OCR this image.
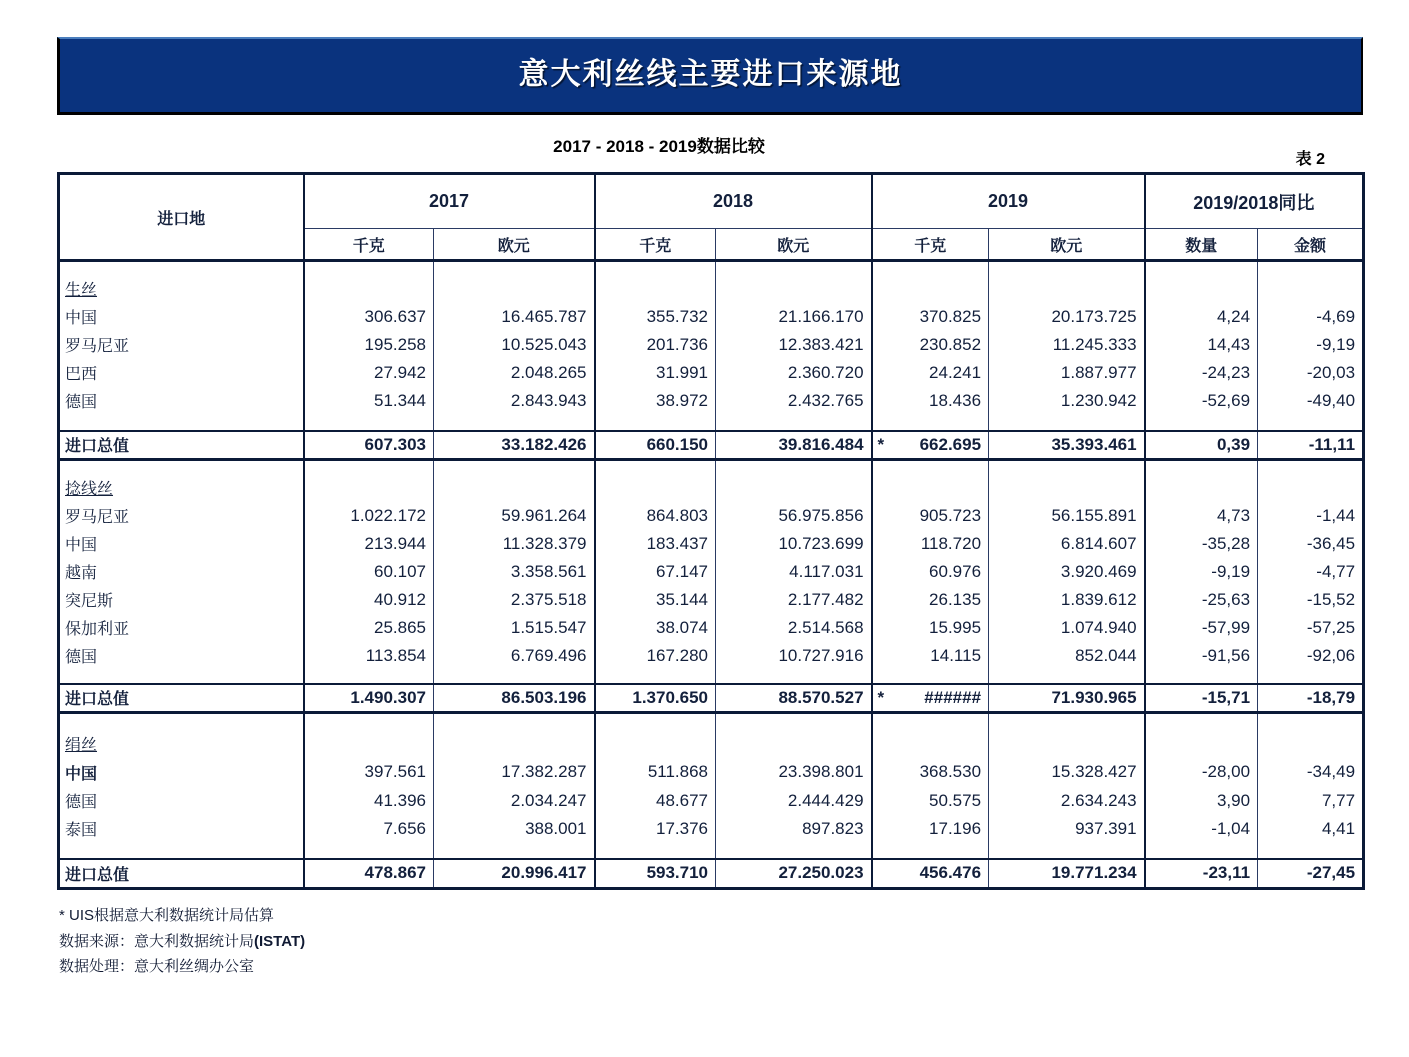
意大利丝线主要进口来源地
2017 - 2018 - 2019数据比较
表 2
进口地	2017		2018		2019		2019/2018同比	
	千克	欧元	千克	欧元	千克	欧元	数量	金额

生丝								
中国	306.637	16.465.787	355.732	21.166.170	370.825	20.173.725	4,24	-4,69
罗马尼亚	195.258	10.525.043	201.736	12.383.421	230.852	11.245.333	14,43	-9,19
巴西	27.942	2.048.265	31.991	2.360.720	24.241	1.887.977	-24,23	-20,03
德国	51.344	2.843.943	38.972	2.432.765	18.436	1.230.942	-52,69	-49,40

进口总值	607.303	33.182.426	660.150	39.816.484	* 662.695	35.393.461	0,39	-11,11

捻线丝								
罗马尼亚	1.022.172	59.961.264	864.803	56.975.856	905.723	56.155.891	4,73	-1,44
中国	213.944	11.328.379	183.437	10.723.699	118.720	6.814.607	-35,28	-36,45
越南	60.107	3.358.561	67.147	4.117.031	60.976	3.920.469	-9,19	-4,77
突尼斯	40.912	2.375.518	35.144	2.177.482	26.135	1.839.612	-25,63	-15,52
保加利亚	25.865	1.515.547	38.074	2.514.568	15.995	1.074.940	-57,99	-57,25
德国	113.854	6.769.496	167.280	10.727.916	14.115	852.044	-91,56	-92,06

进口总值	1.490.307	86.503.196	1.370.650	88.570.527	* ######	71.930.965	-15,71	-18,79

绢丝								
中国	397.561	17.382.287	511.868	23.398.801	368.530	15.328.427	-28,00	-34,49
德国	41.396	2.034.247	48.677	2.444.429	50.575	2.634.243	3,90	7,77
泰国	7.656	388.001	17.376	897.823	17.196	937.391	-1,04	4,41

进口总值	478.867	20.996.417	593.710	27.250.023	456.476	19.771.234	-23,11	-27,45

* UIS根据意大利数据统计局估算

数据来源：意大利数据统计局(ISTAT)

数据处理：意大利丝绸办公室
